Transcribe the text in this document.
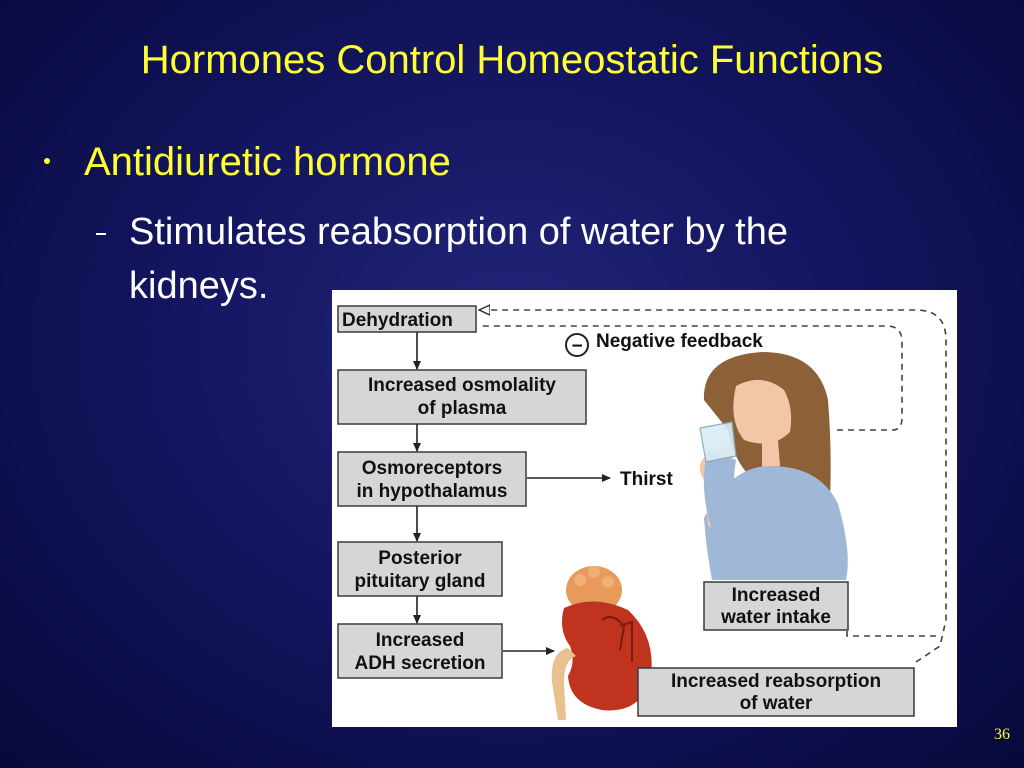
Hormones Control Homeostatic Functions
Antidiuretic hormone
Stimulates reabsorption of water by the kidneys.
− Negative feedback
Dehydration
Increased osmolality
of plasma
Osmoreceptors
in hypothalamus
Posterior
pituitary gland
Increased
ADH secretion
Increased
water intake
Increased reabsorption
of water
Thirst
36
